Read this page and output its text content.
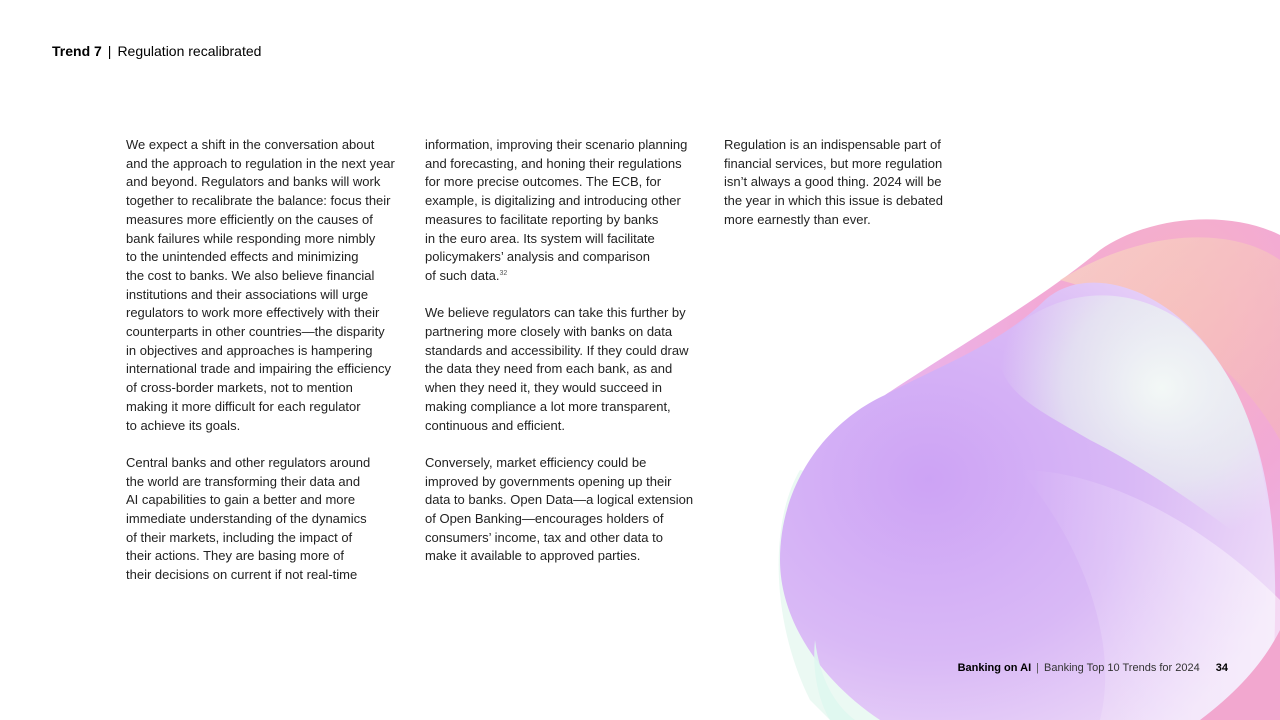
Trend 7 | Regulation recalibrated

We expect a shift in the conversation about
and the approach to regulation in the next year
and beyond. Regulators and banks will work
together to recalibrate the balance: focus their
measures more efficiently on the causes of
bank failures while responding more nimbly
to the unintended effects and minimizing
the cost to banks. We also believe financial
institutions and their associations will urge
regulators to work more effectively with their
counterparts in other countries—the disparity
in objectives and approaches is hampering
international trade and impairing the efficiency
of cross-border markets, not to mention
making it more difficult for each regulator
to achieve its goals.

Central banks and other regulators around
the world are transforming their data and
AI capabilities to gain a better and more
immediate understanding of the dynamics
of their markets, including the impact of
their actions. They are basing more of
their decisions on current if not real-time

information, improving their scenario planning
and forecasting, and honing their regulations
for more precise outcomes. The ECB, for
example, is digitalizing and introducing other
measures to facilitate reporting by banks
in the euro area. Its system will facilitate
policymakers’ analysis and comparison
of such data.$^{32}$

We believe regulators can take this further by
partnering more closely with banks on data
standards and accessibility. If they could draw
the data they need from each bank, as and
when they need it, they would succeed in
making compliance a lot more transparent,
continuous and efficient.

Conversely, market efficiency could be
improved by governments opening up their
data to banks. Open Data—a logical extension
of Open Banking—encourages holders of
consumers’ income, tax and other data to
make it available to approved parties.

Regulation is an indispensable part of
financial services, but more regulation
isn’t always a good thing. 2024 will be
the year in which this issue is debated
more earnestly than ever.

Banking on AI | Banking Top 10 Trends for 2024 34
